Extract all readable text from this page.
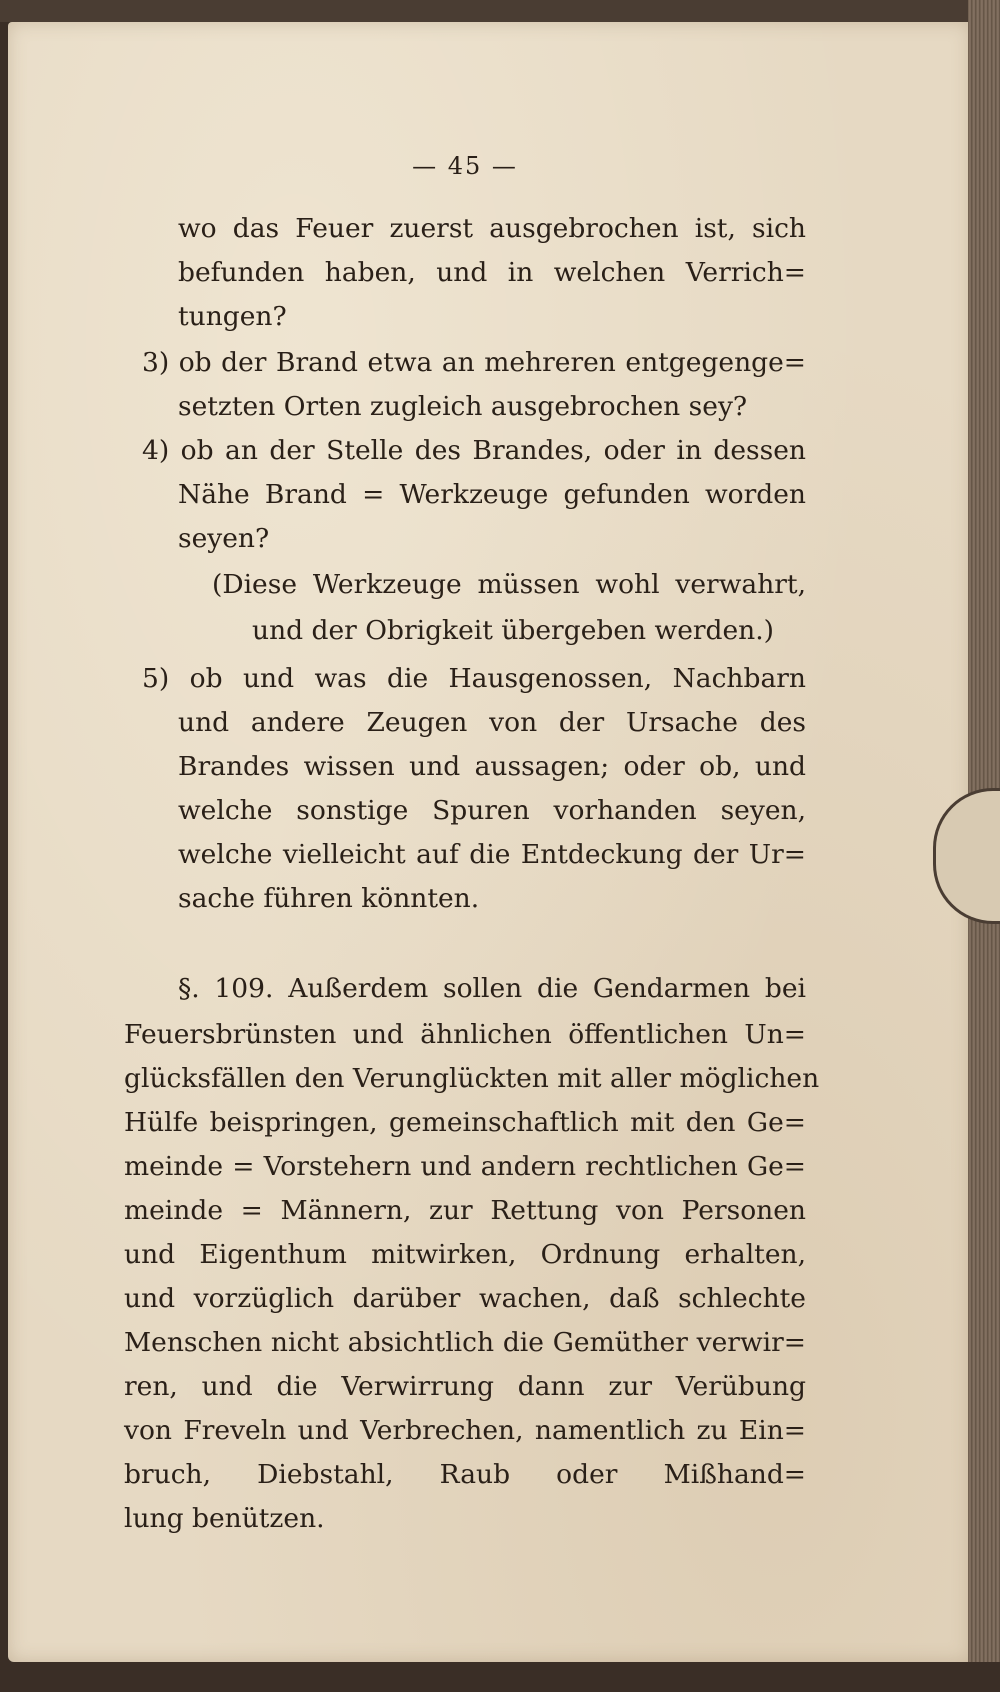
— 45 —
wo das Feuer zuerst ausgebrochen ist, sich
befunden haben, und in welchen Verrich=
tungen?
3) ob der Brand etwa an mehreren entgegenge=
setzten Orten zugleich ausgebrochen sey?
4) ob an der Stelle des Brandes, oder in dessen
Nähe Brand = Werkzeuge gefunden worden
seyen?
(Diese Werkzeuge müssen wohl verwahrt,
und der Obrigkeit übergeben werden.)
5) ob und was die Hausgenossen, Nachbarn
und andere Zeugen von der Ursache des
Brandes wissen und aussagen; oder ob, und
welche sonstige Spuren vorhanden seyen,
welche vielleicht auf die Entdeckung der Ur=
sache führen könnten.
§. 109. Außerdem sollen die Gendarmen bei
Feuersbrünsten und ähnlichen öffentlichen Un=
glücksfällen den Verunglückten mit aller möglichen
Hülfe beispringen, gemeinschaftlich mit den Ge=
meinde = Vorstehern und andern rechtlichen Ge=
meinde = Männern, zur Rettung von Personen
und Eigenthum mitwirken, Ordnung erhalten,
und vorzüglich darüber wachen, daß schlechte
Menschen nicht absichtlich die Gemüther verwir=
ren, und die Verwirrung dann zur Verübung
von Freveln und Verbrechen, namentlich zu Ein=
bruch, Diebstahl, Raub oder Mißhand=
lung benützen.
